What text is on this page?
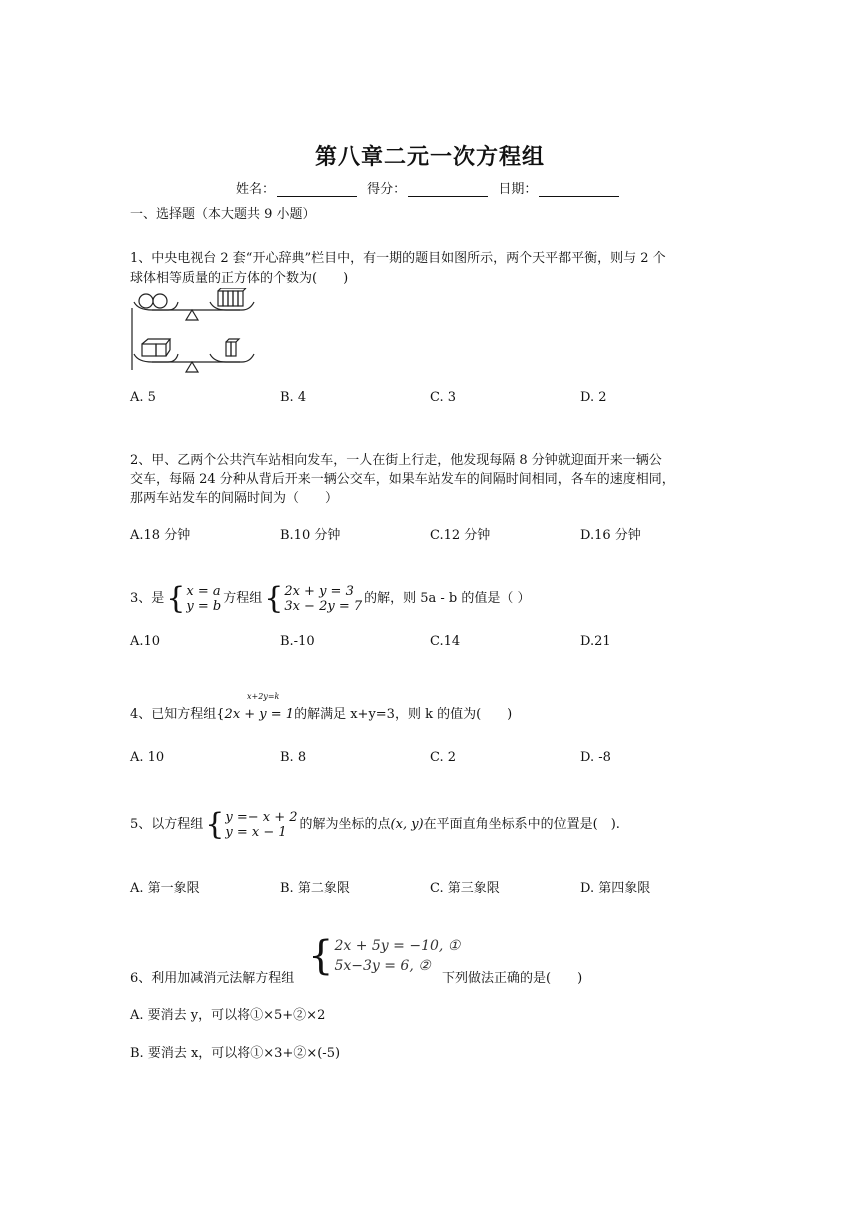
第八章二元一次方程组
姓名：	得分：	日期：
一、选择题（本大题共 9 小题）
1、中央电视台 2 套“开心辞典”栏目中，有一期的题目如图所示，两个天平都平衡，则与 2 个
球体相等质量的正方体的个数为(　　)
A. 5	B. 4	C. 3	D. 2
2、甲、乙两个公共汽车站相向发车，一人在街上行走，他发现每隔 8 分钟就迎面开来一辆公
交车，每隔 24 分种从背后开来一辆公交车，如果车站发车的间隔时间相同，各车的速度相同，
那两车站发车的间隔时间为（　　）
A.18 分钟	B.10 分钟	C.12 分钟	D.16 分钟
3、是 { x = a
y = b 方程组 { 2x + y = 3
3x − 2y = 7 的解，则 5a - b 的值是（ ）
A.10	B.-10	C.14	D.21
x+2y=k
4、已知方程组{2x + y = 1的解满足 x+y=3，则 k 的值为(　　)
A. 10	B. 8	C. 2	D. -8
5、以方程组 { y =− x + 2
y = x − 1 的解为坐标的点(x, y)在平面直角坐标系中的位置是(　).
A. 第一象限	B. 第二象限	C. 第三象限	D. 第四象限
{ 2x + 5y = −10, ①
5x−3y = 6, ②
6、利用加减消元法解方程组	下列做法正确的是(　　)
A. 要消去 y，可以将①×5+②×2
B. 要消去 x，可以将①×3+②×(-5)
